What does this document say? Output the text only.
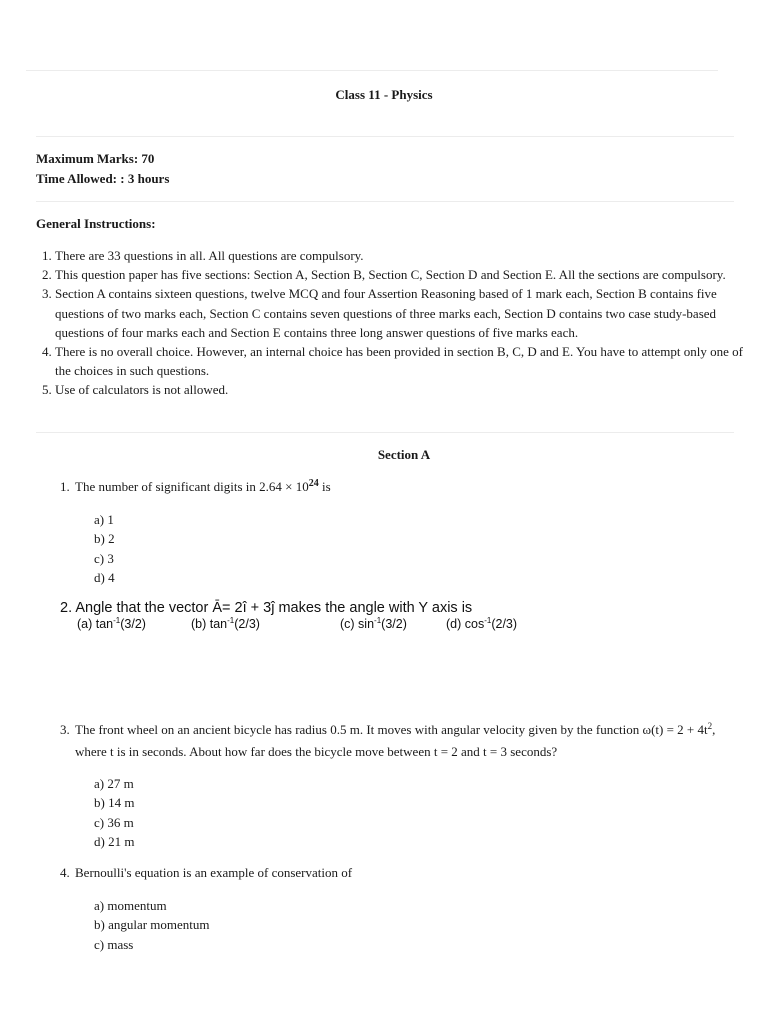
Class 11 - Physics
Maximum Marks: 70
Time Allowed: : 3 hours
General Instructions:
1. There are 33 questions in all. All questions are compulsory.
2. This question paper has five sections: Section A, Section B, Section C, Section D and Section E. All the sections are compulsory.
3. Section A contains sixteen questions, twelve MCQ and four Assertion Reasoning based of 1 mark each, Section B contains five questions of two marks each, Section C contains seven questions of three marks each, Section D contains two case study-based questions of four marks each and Section E contains three long answer questions of five marks each.
4. There is no overall choice. However, an internal choice has been provided in section B, C, D and E. You have to attempt only one of the choices in such questions.
5. Use of calculators is not allowed.
Section A
1. The number of significant digits in $2.64 \times 10^{24}$ is
a) 1
b) 2
c) 3
d) 4
2. Angle that the vector Ā= 2î + 3ĵ makes the angle with Y axis is
(a) $\tan^{-1}(3/2)$	(b) $\tan^{-1}(2/3)$	(c) $\sin^{-1}(3/2)$	(d) $\cos^{-1}(2/3)$
3. The front wheel on an ancient bicycle has radius 0.5 m. It moves with angular velocity given by the function $\omega(t) = 2 + 4t^2$, where t is in seconds. About how far does the bicycle move between t = 2 and t = 3 seconds?
a) 27 m
b) 14 m
c) 36 m
d) 21 m
4. Bernoulli's equation is an example of conservation of
a) momentum
b) angular momentum
c) mass
